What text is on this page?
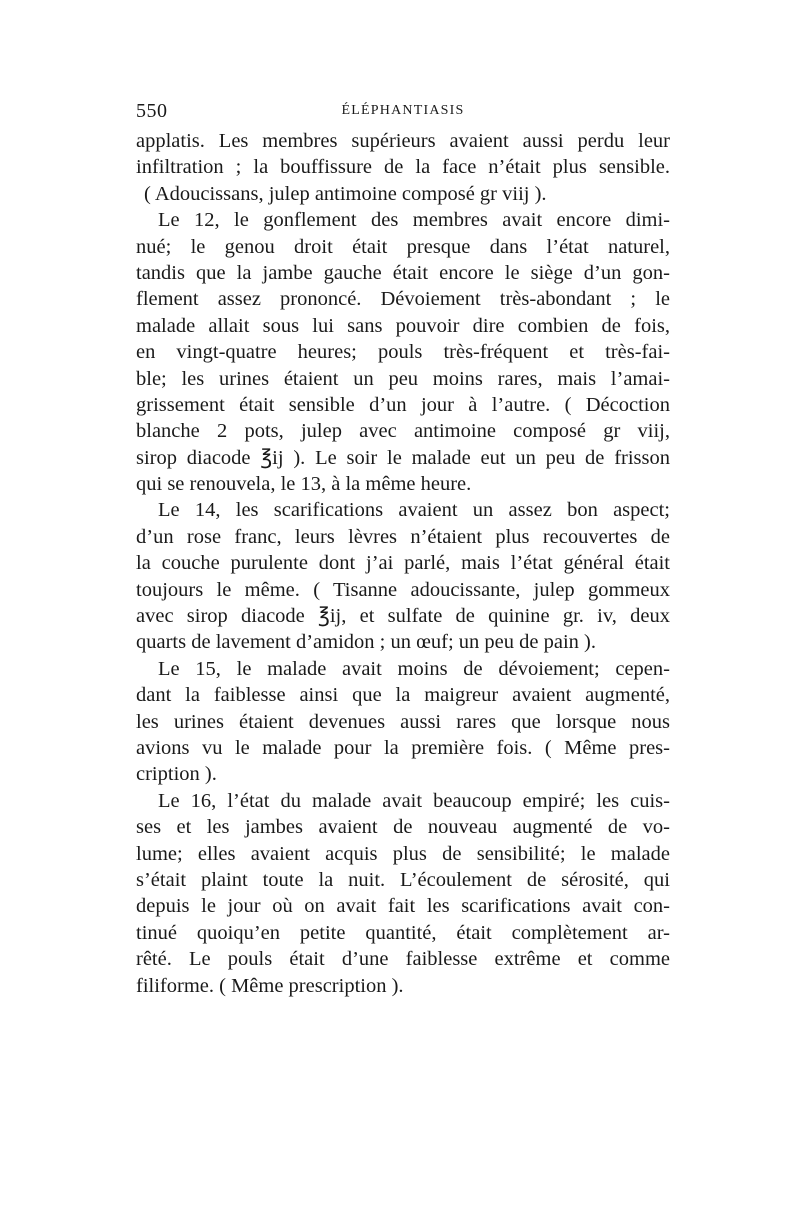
550	ÉLÉPHANTIASIS
applatis. Les membres supérieurs avaient aussi perdu leur
infiltration ; la bouffissure de la face n’était plus sensible.
( Adoucissans, julep antimoine composé gr viij ).
Le 12, le gonflement des membres avait encore dimi-
nué; le genou droit était presque dans l’état naturel,
tandis que la jambe gauche était encore le siège d’un gon-
flement assez prononcé. Dévoiement très-abondant ; le
malade allait sous lui sans pouvoir dire combien de fois,
en vingt-quatre heures; pouls très-fréquent et très-fai-
ble; les urines étaient un peu moins rares, mais l’amai-
grissement était sensible d’un jour à l’autre. ( Décoction
blanche 2 pots, julep avec antimoine composé gr viij,
sirop diacode ℥ij ). Le soir le malade eut un peu de frisson
qui se renouvela, le 13, à la même heure.
Le 14, les scarifications avaient un assez bon aspect;
d’un rose franc, leurs lèvres n’étaient plus recouvertes de
la couche purulente dont j’ai parlé, mais l’état général était
toujours le même. ( Tisanne adoucissante, julep gommeux
avec sirop diacode ℥ij, et sulfate de quinine gr. iv, deux
quarts de lavement d’amidon ; un œuf; un peu de pain ).
Le 15, le malade avait moins de dévoiement; cepen-
dant la faiblesse ainsi que la maigreur avaient augmenté,
les urines étaient devenues aussi rares que lorsque nous
avions vu le malade pour la première fois. ( Même pres-
cription ).
Le 16, l’état du malade avait beaucoup empiré; les cuis-
ses et les jambes avaient de nouveau augmenté de vo-
lume; elles avaient acquis plus de sensibilité; le malade
s’était plaint toute la nuit. L’écoulement de sérosité, qui
depuis le jour où on avait fait les scarifications avait con-
tinué quoiqu’en petite quantité, était complètement ar-
rêté. Le pouls était d’une faiblesse extrême et comme
filiforme. ( Même prescription ).
